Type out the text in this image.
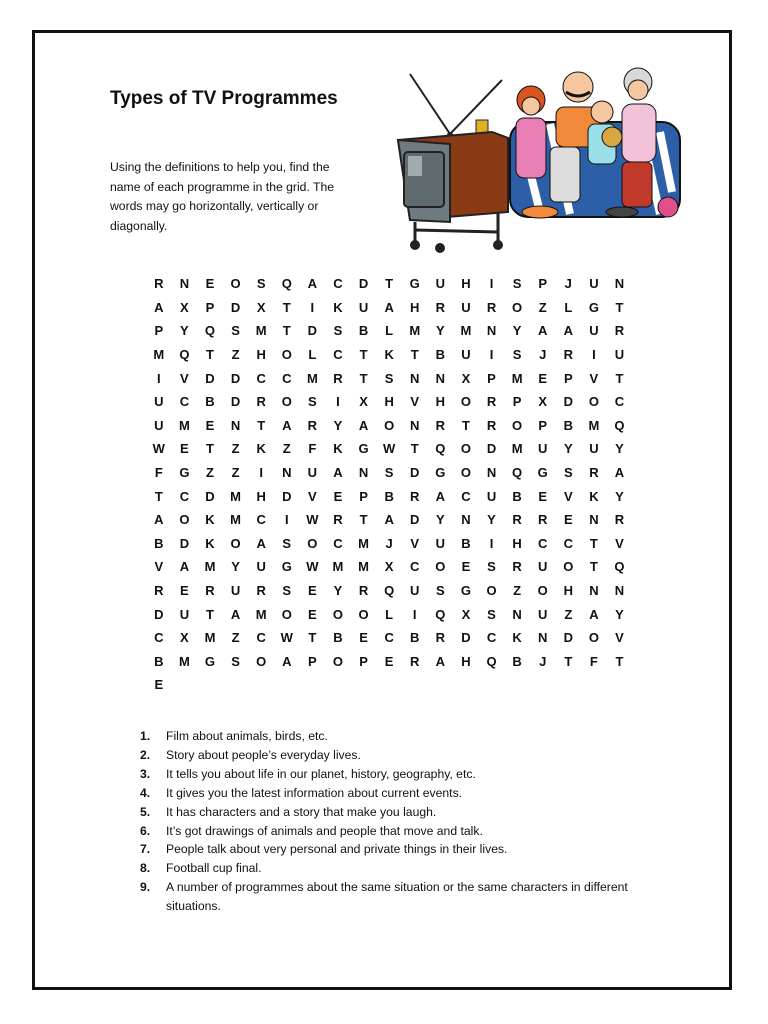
Types of TV Programmes
Using the definitions to help you, find the name of each programme in the grid. The words may go horizontally, vertically or diagonally.
R	N	E	O	S	Q	A	C	D	T	G	U	H	I	S	P	J	U	N
A	X	P	D	X	T	I	K	U	A	H	R	U	R	O	Z	L	G	T
P	Y	Q	S	M	T	D	S	B	L	M	Y	M	N	Y	A	A	U	R
M	Q	T	Z	H	O	L	C	T	K	T	B	U	I	S	J	R	I	U
I	V	D	D	C	C	M	R	T	S	N	N	X	P	M	E	P	V	T
U	C	B	D	R	O	S	I	X	H	V	H	O	R	P	X	D	O	C
U	M	E	N	T	A	R	Y	A	O	N	R	T	R	O	P	B	M	Q
W	E	T	Z	K	Z	F	K	G	W	T	Q	O	D	M	U	Y	U	Y
F	G	Z	Z	I	N	U	A	N	S	D	G	O	N	Q	G	S	R	A
T	C	D	M	H	D	V	E	P	B	R	A	C	U	B	E	V	K	Y
A	O	K	M	C	I	W	R	T	A	D	Y	N	Y	R	R	E	N	R
B	D	K	O	A	S	O	C	M	J	V	U	B	I	H	C	C	T	V
V	A	M	Y	U	G	W	M	M	X	C	O	E	S	R	U	O	T	Q
R	E	R	U	R	S	E	Y	R	Q	U	S	G	O	Z	O	H	N	N
D	U	T	A	M	O	E	O	O	L	I	Q	X	S	N	U	Z	A	Y
C	X	M	Z	C	W	T	B	E	C	B	R	D	C	K	N	D	O	V
B	M	G	S	O	A	P	O	P	E	R	A	H	Q	B	J	T	F	T
E
1.	Film about animals, birds, etc.
2.	Story about people’s everyday lives.
3.	It tells you about life in our planet, history, geography, etc.
4.	It gives you the latest information about current events.
5.	It has characters and a story that make you laugh.
6.	It’s got drawings of animals and people that move and talk.
7.	People talk about very personal and private things in their lives.
8.	Football cup final.
9.	A number of programmes about the same situation or the same characters in different situations.
